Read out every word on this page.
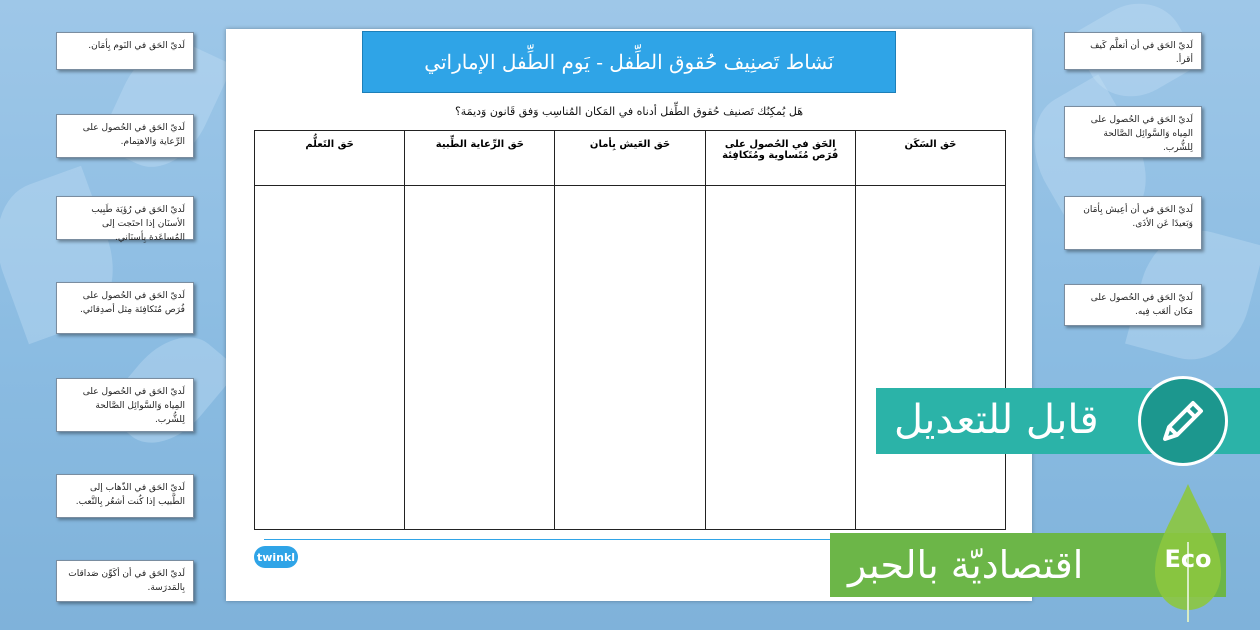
لَديّ الحَق في النَوم بِأمَان.
لَديّ الحَق في الحُصول على الرِّعاية وَالاهتِمام.
لَديّ الحَق في رُؤيَة طَبِيب الأسنَان إذا احتَجت إلى المُساعَدة بِأسنَاني.
لَديّ الحَق في الحُصول على فُرَص مُتَكافِئة مِثل أصدِقائي.
لَديّ الحَق في الحُصول على المِياه وَالسَّوائِل الصَّالحة لِلشُّرب.
لَديّ الحَق في الذّهاب إلى الطَّبيب إذا كُنت أشعُر بِالتَّعب.
لَديّ الحَق في أن أكَوِّن صَداقات بِالمَدرَسة.
لَديّ الحَق في أن أتعلَّم كَيف أقرأ.
لَديّ الحَق في الحُصول على المِياه وَالسَّوائِل الصَّالحة لِلشُّرب.
لَديّ الحَق في أن أعِيش بِأمَان وَبَعيدًا عَن الأذَى.
لَديّ الحَق في الحُصول على مَكان ألعَب فِيه.
نَشاط تَصنِيف حُقوق الطِّفل - يَوم الطِّفل الإماراتي
هَل يُمكِنُك تَصنيف حُقوق الطِّفل أدناه في المَكان المُناسِب وَفق قَانون وَديمَة؟
حَق السَكَن	الحَق في الحُصول على فُرَص مُتَساوية ومُتَكافِئة	حَق العَيش بِأمان	حَق الرِّعاية الطِّبية	حَق التَعلُّم

twinkl
قابل للتعديل
اقتصاديّة بالحبر	Eco
